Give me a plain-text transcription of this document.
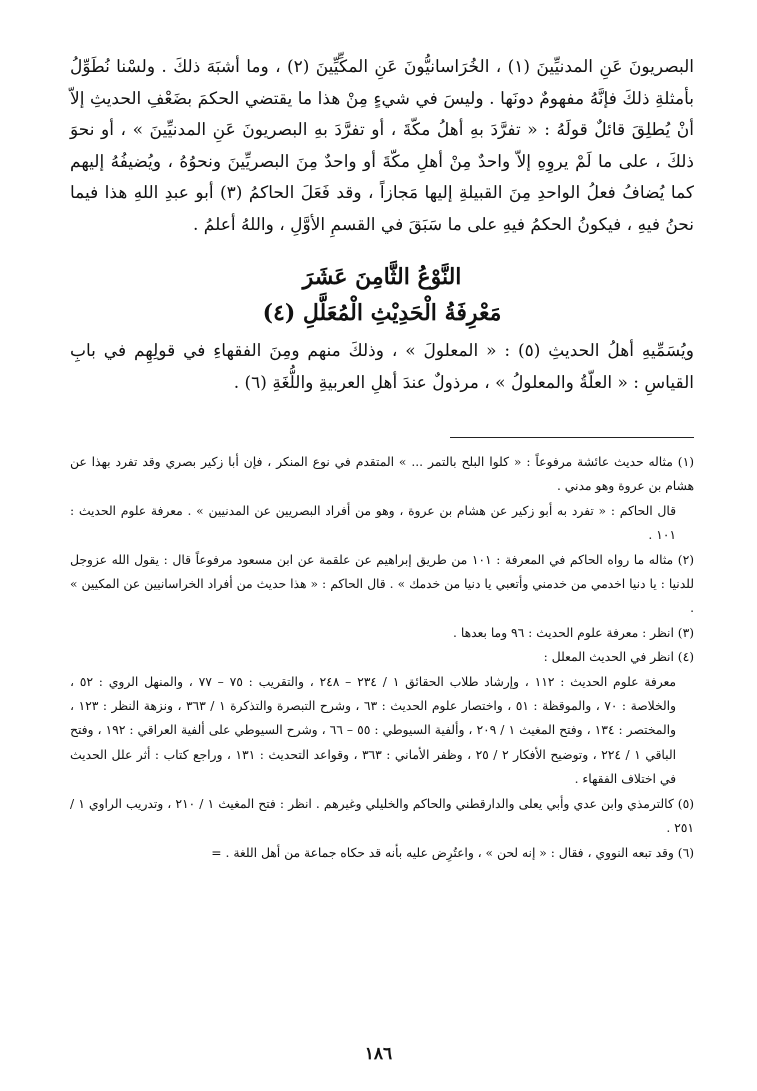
البصريونَ عَنِ المدنيِّينَ (١) ، الخُرَاسانيُّونَ عَنِ المكِّيِّينَ (٢) ، وما أشبَهَ ذلكَ . ولسْنا نُطَوِّلُ بأمثلةِ ذلكَ فإنَّهُ مفهومٌ دونَها . وليسَ في شيءٍ مِنْ هذا ما يقتضي الحكمَ بضَعْفِ الحديثِ إلاّ أنْ يُطلِقَ قائلٌ قولَهُ : « تفرَّدَ بهِ أهلُ مكّةَ ، أو تفرَّدَ بهِ البصريونَ عَنِ المدنيِّينَ » ، أو نحوَ ذلكَ ، على ما لَمْ يروِهِ إلاّ واحدٌ مِنْ أهلِ مكّةَ أو واحدٌ مِنَ البصريِّينَ ونحوُهُ ، ويُضيفُهُ إليهم كما يُضافُ فعلُ الواحدِ مِنَ القبيلةِ إليها مَجازاً ، وقد فَعَلَ الحاكمُ (٣) أبو عبدِ اللهِ هذا فيما نحنُ فيهِ ، فيكونُ الحكمُ فيهِ على ما سَبَقَ في القسمِ الأوَّلِ ، واللهُ أعلمُ .

النَّوْعُ الثَّامِنَ عَشَرَ
مَعْرِفَةُ الْحَدِيْثِ الْمُعَلَّلِ (٤)

ويُسَمِّيهِ أهلُ الحديثِ (٥) : « المعلولَ » ، وذلكَ منهم ومِنَ الفقهاءِ في قولِهِم في بابِ القياسِ : « العلّةُ والمعلولُ » ، مرذولٌ عندَ أهلِ العربيةِ واللُّغَةِ (٦) .

(١) مثاله حديث عائشة مرفوعاً : « كلوا البلح بالتمر ... » المتقدم في نوع المنكر ، فإن أبا زكير بصري وقد تفرد بهذا عن هشام بن عروة وهو مدني .

قال الحاكم : « تفرد به أبو زكير عن هشام بن عروة ، وهو من أفراد البصريين عن المدنيين » . معرفة علوم الحديث : ١٠١ .

(٢) مثاله ما رواه الحاكم في المعرفة : ١٠١ من طريق إبراهيم عن علقمة عن ابن مسعود مرفوعاً قال : يقول الله عزوجل للدنيا : يا دنيا اخدمي من خدمني وأتعبي يا دنيا من خدمك » . قال الحاكم : « هذا حديث من أفراد الخراسانيين عن المكيين » .

(٣) انظر : معرفة علوم الحديث : ٩٦ وما بعدها .

(٤) انظر في الحديث المعلل :

معرفة علوم الحديث : ١١٢ ، وإرشاد طلاب الحقائق ١ / ٢٣٤ – ٢٤٨ ، والتقريب : ٧٥ – ٧٧ ، والمنهل الروي : ٥٢ ، والخلاصة : ٧٠ ، والموقظة : ٥١ ، واختصار علوم الحديث : ٦٣ ، وشرح التبصرة والتذكرة ١ / ٣٦٣ ، ونزهة النظر : ١٢٣ ، والمختصر : ١٣٤ ، وفتح المغيث ١ / ٢٠٩ ، وألفية السيوطي : ٥٥ – ٦٦ ، وشرح السيوطي على ألفية العراقي : ١٩٢ ، وفتح الباقي ١ / ٢٢٤ ، وتوضيح الأفكار ٢ / ٢٥ ، وظفر الأماني : ٣٦٣ ، وقواعد التحديث : ١٣١ ، وراجع كتاب : أثر علل الحديث في اختلاف الفقهاء .

(٥) كالترمذي وابن عدي وأبي يعلى والدارقطني والحاكم والخليلي وغيرهم . انظر : فتح المغيث ١ / ٢١٠ ، وتدريب الراوي ١ / ٢٥١ .

(٦) وقد تبعه النووي ، فقال : « إنه لحن » ، واعتُرِض عليه بأنه قد حكاه جماعة من أهل اللغة . =

١٨٦
